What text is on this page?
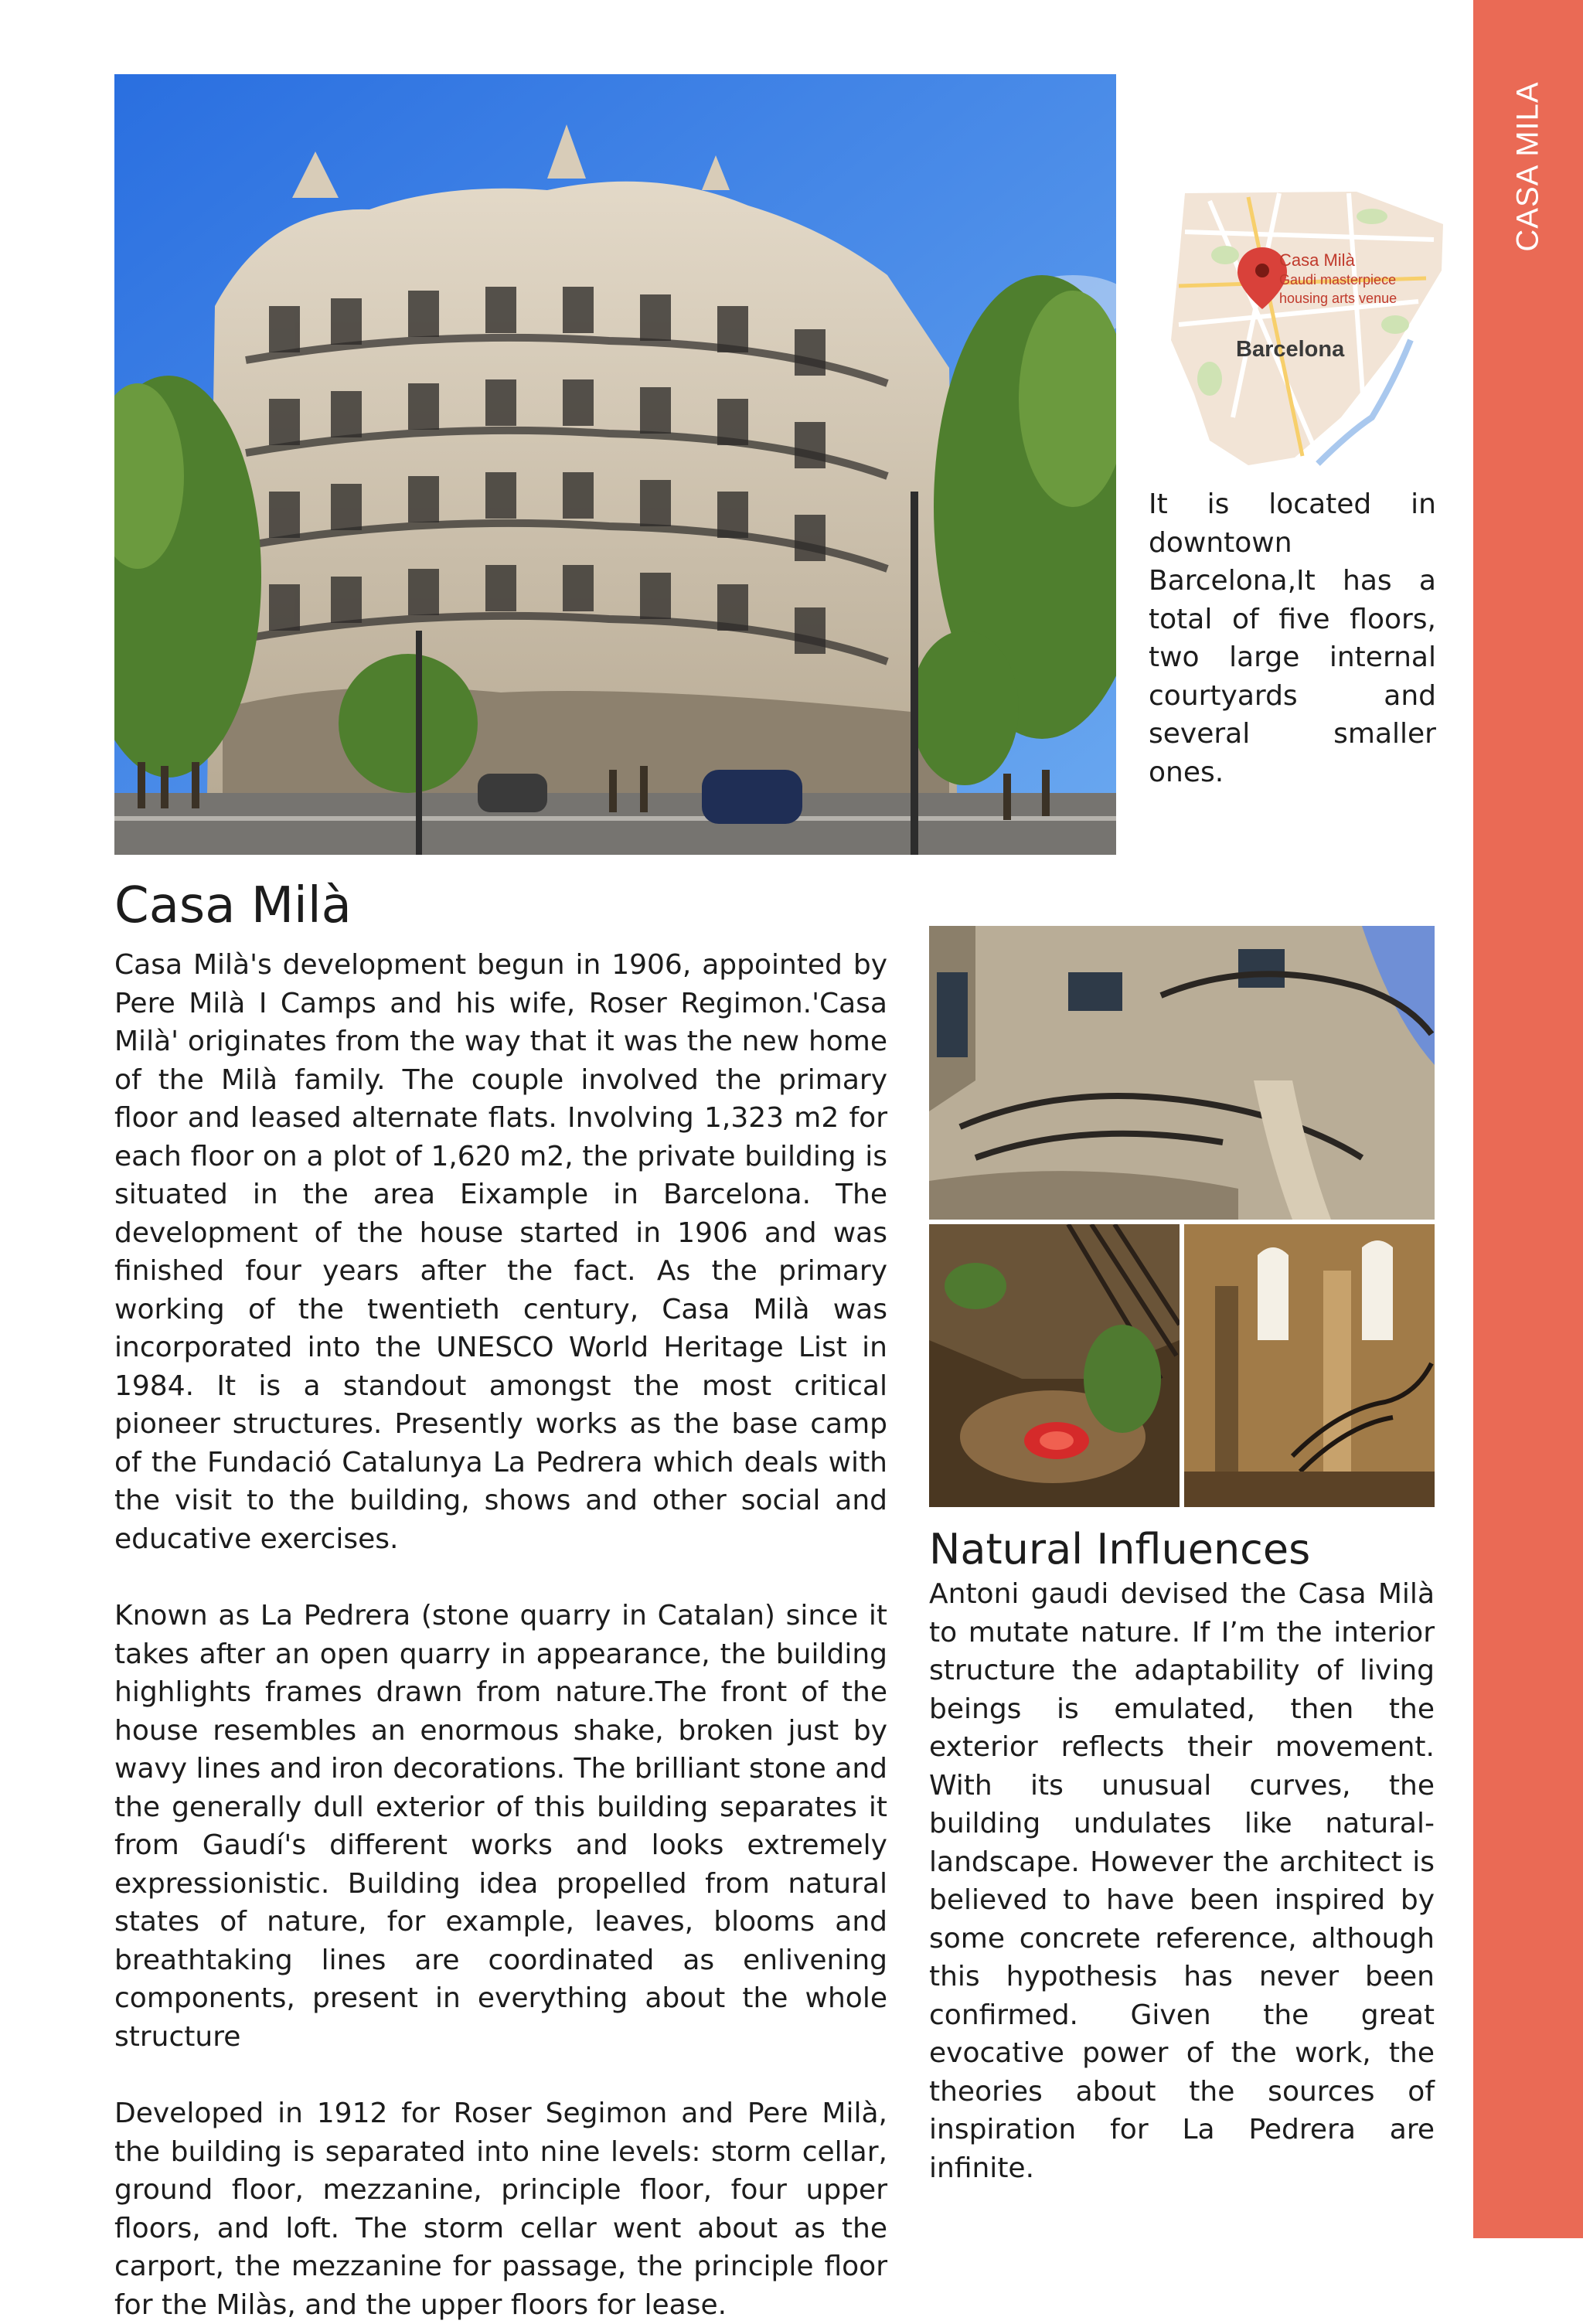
CASA MILA
Casa Milà
Gaudi masterpiece
housing arts venue
Barcelona

It is located in downtown Barcelona,It has a total of five floors, two large internal courtyards and several smaller ones.

Casa Milà

Casa Milà's development begun in 1906, appointed by Pere Milà I Camps and his wife, Roser Regimon.'Casa Milà' originates from the way that it was the new home of the Milà family. The couple involved the primary floor and leased alternate flats. Involving 1,323 m2 for each floor on a plot of 1,620 m2, the private building is situated in the area Eixample in Barcelona. The development of the house started in 1906 and was finished four years after the fact. As the primary working of the twentieth century, Casa Milà was incorporated into the UNESCO World Heritage List in 1984. It is a standout amongst the most critical pioneer structures. Presently works as the base camp of the Fundació Catalunya La Pedrera which deals with the visit to the building, shows and other social and educative exercises.

Known as La Pedrera (stone quarry in Catalan) since it takes after an open quarry in appearance, the building highlights frames drawn from nature.The front of the house resembles an enormous shake, broken just by wavy lines and iron decorations. The brilliant stone and the generally dull exterior of this building separates it from Gaudí's different works and looks extremely expressionistic. Building idea propelled from natural states of nature, for example, leaves, blooms and breathtaking lines are coordinated as enlivening components, present in everything about the whole structure

Developed in 1912 for Roser Segimon and Pere Milà, the building is separated into nine levels: storm cellar, ground floor, mezzanine, principle floor, four upper floors, and loft. The storm cellar went about as the carport, the mezzanine for passage, the principle floor for the Milàs, and the upper floors for lease.

Natural Influences

Antoni gaudi devised the Casa Milà to mutate nature. If I’m the interior structure the adaptability of living beings is emulated, then the exterior reflects their movement. With its unusual curves, the building undulates like natural-landscape. However the architect is believed to have been inspired by some concrete reference, although this hypothesis has never been confirmed. Given the great evocative power of the work, the theories about the sources of inspiration for La Pedrera are infinite.
